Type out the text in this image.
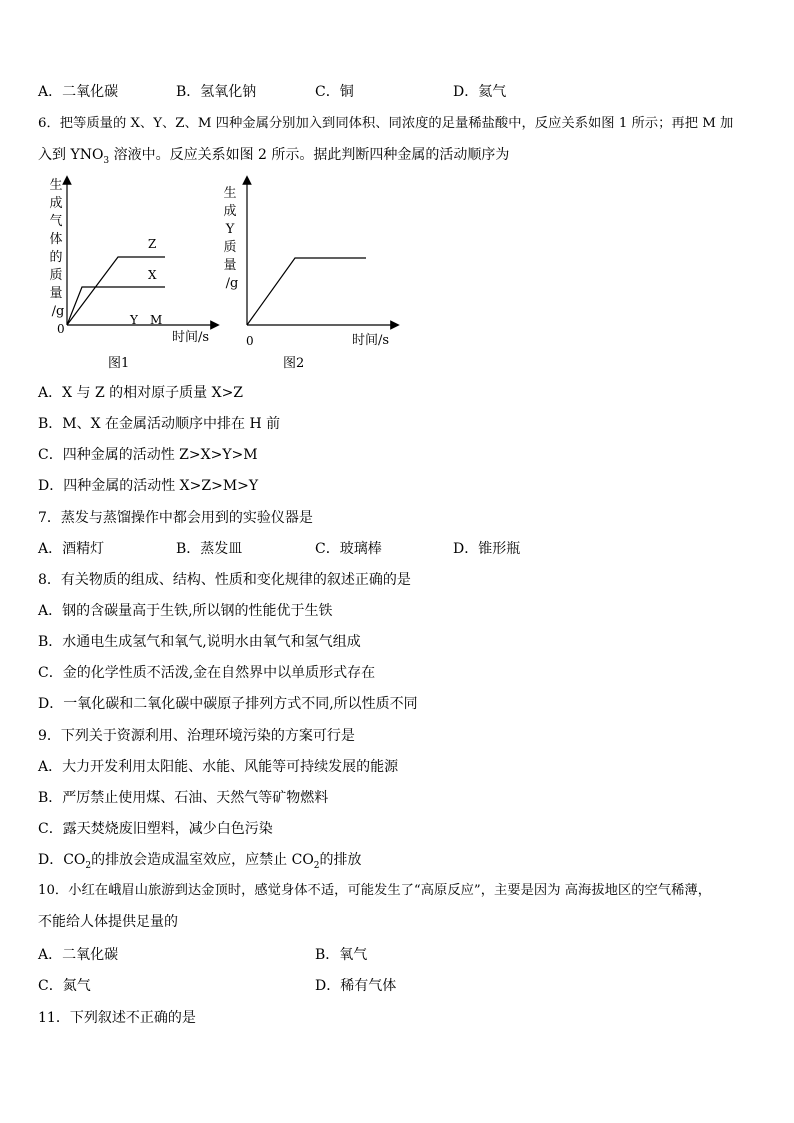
A．二氧化碳	B．氢氧化钠	C．铜	D．氦气
6．把等质量的 X、Y、Z、M 四种金属分别加入到同体积、同浓度的足量稀盐酸中，反应关系如图 1 所示；再把 M 加
入到 $YNO_3$ 溶液中。反应关系如图 2 所示。据此判断四种金属的活动顺序为
生
成
气
体
的
质
量
/g
0
Z
X
Y M
时间/s
图1
生
成
Y
质
量
/g
0	时间/s
图2
A．X 与 Z 的相对原子质量 X>Z
B．M、X 在金属活动顺序中排在 H 前
C．四种金属的活动性 Z>X>Y>M
D．四种金属的活动性 X>Z>M>Y
7．蒸发与蒸馏操作中都会用到的实验仪器是
A．酒精灯	B．蒸发皿	C．玻璃棒	D．锥形瓶
8．有关物质的组成、结构、性质和变化规律的叙述正确的是
A．钢的含碳量高于生铁,所以钢的性能优于生铁
B．水通电生成氢气和氧气,说明水由氧气和氢气组成
C．金的化学性质不活泼,金在自然界中以单质形式存在
D．一氧化碳和二氧化碳中碳原子排列方式不同,所以性质不同
9．下列关于资源利用、治理环境污染的方案可行是
A．大力开发利用太阳能、水能、风能等可持续发展的能源
B．严厉禁止使用煤、石油、天然气等矿物燃料
C．露天焚烧废旧塑料，减少白色污染
D．$CO_2$的排放会造成温室效应，应禁止 $CO_2$的排放
10．小红在峨眉山旅游到达金顶时，感觉身体不适，可能发生了“高原反应”，主要是因为 高海拔地区的空气稀薄，
不能给人体提供足量的
A．二氧化碳	B．氧气
C．氮气	D．稀有气体
11．下列叙述不正确的是
